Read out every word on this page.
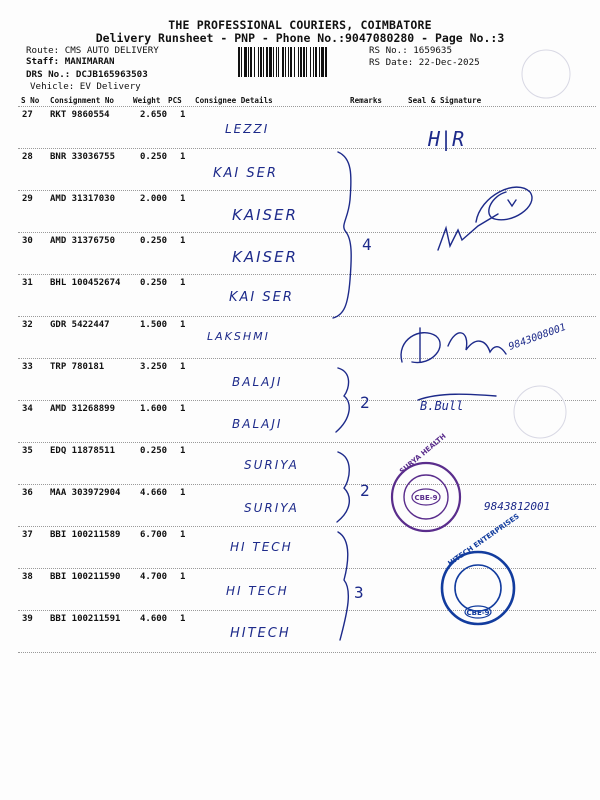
THE PROFESSIONAL COURIERS, COIMBATORE
Delivery Runsheet - PNP - Phone No.:9047080280 - Page No.:3
Route: CMS AUTO DELIVERY
Staff: MANIMARAN
DRS No.: DCJB165963503
Vehicle: EV Delivery
RS No.: 1659635
RS Date: 22-Dec-2025
S No Consignment No Weight PCS Consignee Details	Remarks	Seal & Signature
27 RKT 9860554	2.650 1
LEZZI
28 BNR 33036755	0.250 1
KAI SER
29 AMD 31317030	2.000 1
KAISER
30 AMD 31376750	0.250 1
KAISER
31 BHL 100452674 0.250 1
KAI SER
32 GDR 5422447	1.500 1
LAKSHMI
33 TRP 780181	3.250 1
BALAJI
34 AMD 31268899	1.600 1
BALAJI
35 EDQ 11878511	0.250 1
SURIYA
36 MAA 303972904 4.660 1
SURIYA
37 BBI 100211589 6.700 1
HI TECH
38 BBI 100211590 4.700 1
HI TECH
39 BBI 100211591 4.600 1
HITECH
4
2
2
3
H|R
9843008001
B.Bull
9843812001
CBE-9
SURYA HEALTH
CBE-9
HITECH ENTERPRISES
